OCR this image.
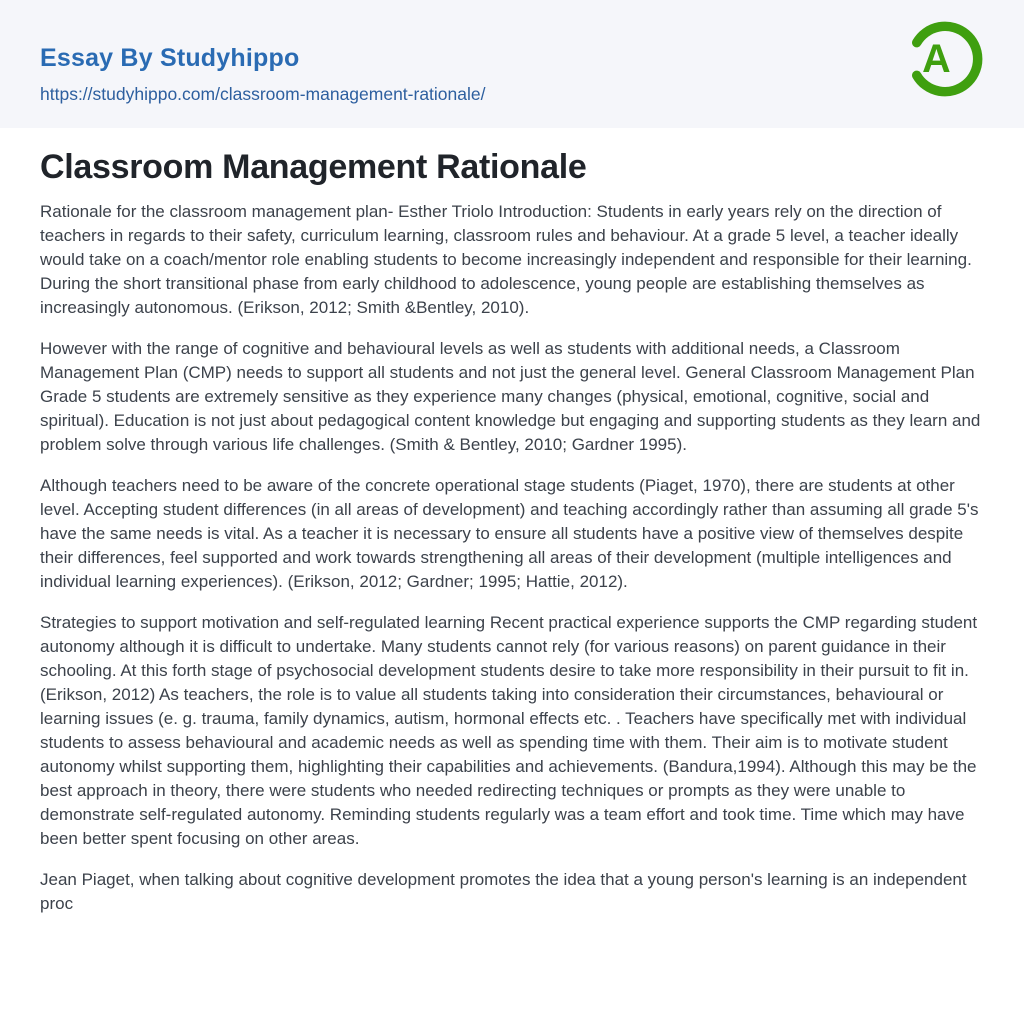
Essay By Studyhippo
https://studyhippo.com/classroom-management-rationale/
A
Classroom Management Rationale

Rationale for the classroom management plan- Esther Triolo Introduction: Students in early years rely on the direction of teachers in regards to their safety, curriculum learning, classroom rules and behaviour. At a grade 5 level, a teacher ideally would take on a coach/mentor role enabling students to become increasingly independent and responsible for their learning. During the short transitional phase from early childhood to adolescence, young people are establishing themselves as increasingly autonomous. (Erikson, 2012; Smith &Bentley, 2010).

However with the range of cognitive and behavioural levels as well as students with additional needs, a Classroom Management Plan (CMP) needs to support all students and not just the general level. General Classroom Management Plan Grade 5 students are extremely sensitive as they experience many changes (physical, emotional, cognitive, social and spiritual). Education is not just about pedagogical content knowledge but engaging and supporting students as they learn and problem solve through various life challenges. (Smith & Bentley, 2010; Gardner 1995).

Although teachers need to be aware of the concrete operational stage students (Piaget, 1970), there are students at other level. Accepting student differences (in all areas of development) and teaching accordingly rather than assuming all grade 5's have the same needs is vital. As a teacher it is necessary to ensure all students have a positive view of themselves despite their differences, feel supported and work towards strengthening all areas of their development (multiple intelligences and individual learning experiences). (Erikson, 2012; Gardner; 1995; Hattie, 2012).

Strategies to support motivation and self-regulated learning Recent practical experience supports the CMP regarding student autonomy although it is difficult to undertake. Many students cannot rely (for various reasons) on parent guidance in their schooling. At this forth stage of psychosocial development students desire to take more responsibility in their pursuit to fit in. (Erikson, 2012) As teachers, the role is to value all students taking into consideration their circumstances, behavioural or learning issues (e. g. trauma, family dynamics, autism, hormonal effects etc. . Teachers have specifically met with individual students to assess behavioural and academic needs as well as spending time with them. Their aim is to motivate student autonomy whilst supporting them, highlighting their capabilities and achievements. (Bandura,1994). Although this may be the best approach in theory, there were students who needed redirecting techniques or prompts as they were unable to demonstrate self-regulated autonomy. Reminding students regularly was a team effort and took time. Time which may have been better spent focusing on other areas.

Jean Piaget, when talking about cognitive development promotes the idea that a young person's learning is an independent proc
